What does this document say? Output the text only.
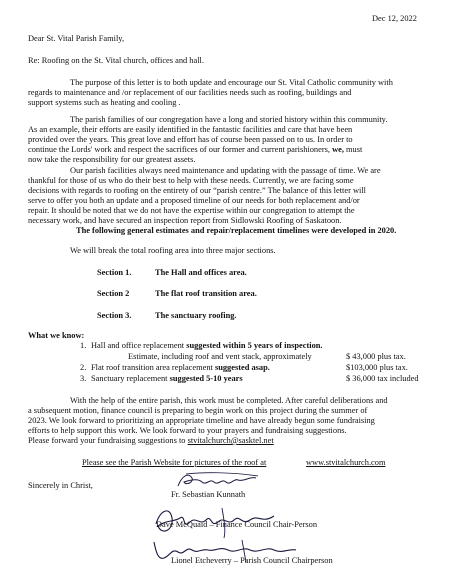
Dec 12, 2022
Dear St. Vital Parish Family,
Re: Roofing on the St. Vital church, offices and hall.
The purpose of this letter is to both update and encourage our St. Vital Catholic community with
regards to maintenance and /or replacement of our facilities needs such as roofing, buildings and
support systems such as heating and cooling .
The parish families of our congregation have a long and storied history within this community.
As an example, their efforts are easily identified in the fantastic facilities and care that have been
provided over the years. This great love and effort has of course been passed on to us. In order to
continue the Lords' work and respect the sacrifices of our former and current parishioners, we, must
now take the responsibility for our greatest assets.
Our parish facilities always need maintenance and updating with the passage of time. We are
thankful for those of us who do their best to help with these needs. Currently, we are facing some
decisions with regards to roofing on the entirety of our “parish centre.” The balance of this letter will
serve to offer you both an update and a proposed timeline of our needs for both replacement and/or
repair. It should be noted that we do not have the expertise within our congregation to attempt the
necessary work, and have secured an inspection report from Sidlowski Roofing of Saskatoon.
The following general estimates and repair/replacement timelines were developed in 2020.
We will break the total roofing area into three major sections.
Section 1.	The Hall and offices area.
Section 2	The flat roof transition area.
Section 3.	The sanctuary roofing.
What we know:
1. Hall and office replacement suggested within 5 years of inspection.
Estimate, including roof and vent stack, approximately	$ 43,000 plus tax.
2. Flat roof transition area replacement suggested asap.	$103,000 plus tax.
3. Sanctuary replacement suggested 5-10 years	$ 36,000 tax included
With the help of the entire parish, this work must be completed. After careful deliberations and
a subsequent motion, finance council is preparing to begin work on this project during the summer of
2023. We look forward to prioritizing an appropriate timeline and have already begun some fundraising
efforts to help support this work. We look forward to your prayers and fundraising suggestions.
Please forward your fundraising suggestions to stvitalchurch@sasktel.net
Please see the Parish Website for pictures of the roof at	www.stvitalchurch.com
Sincerely in Christ,
Fr. Sebastian Kunnath
Dave McQuaid – Finance Council Chair-Person
Lionel Etcheverry – Parish Council Chairperson
